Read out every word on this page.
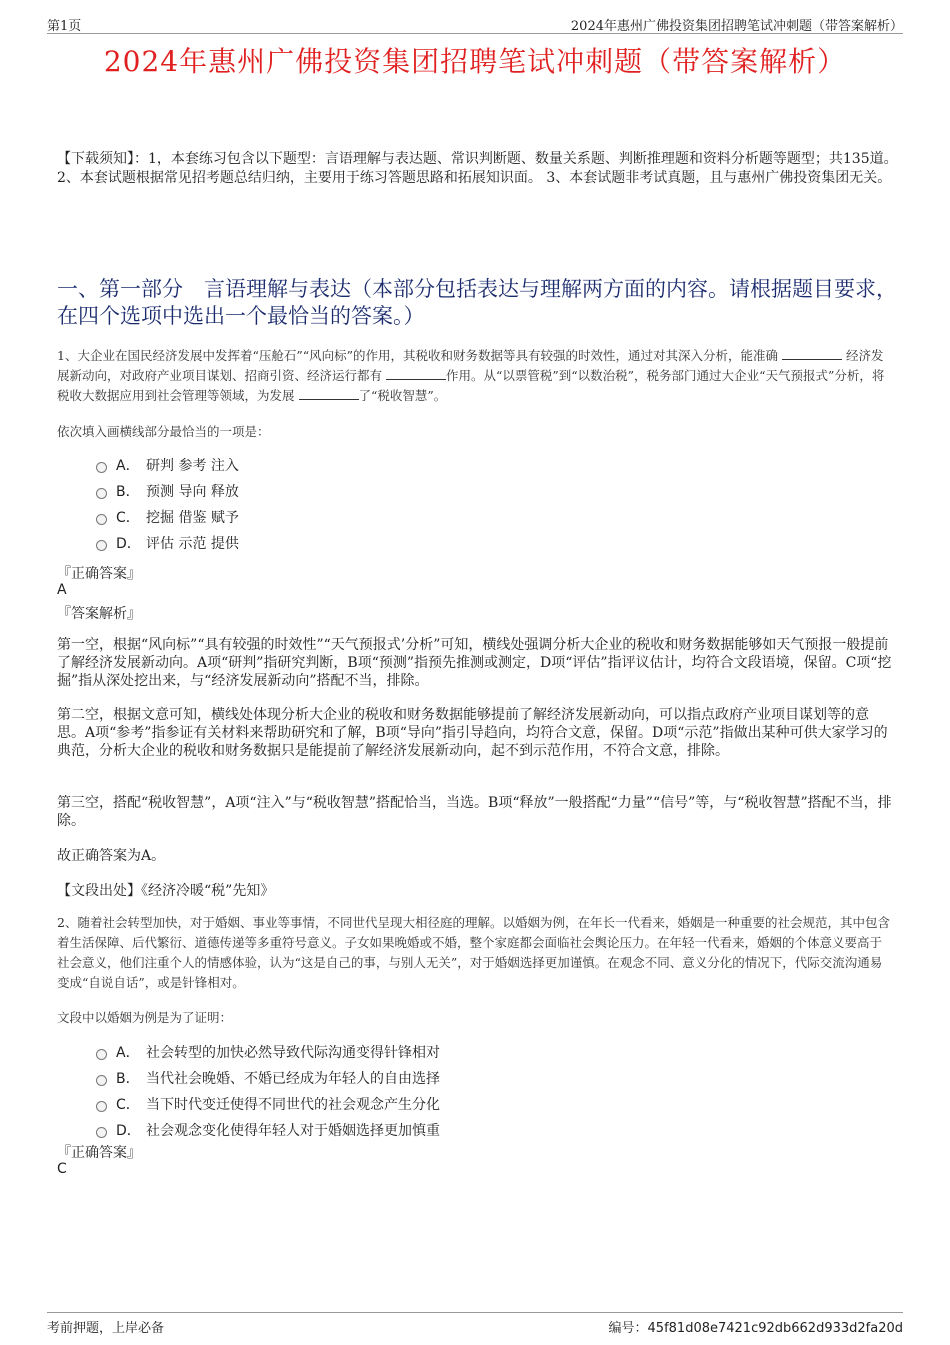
第1页	2024年惠州广佛投资集团招聘笔试冲刺题（带答案解析）
2024年惠州广佛投资集团招聘笔试冲刺题（带答案解析）

【下载须知】：1，本套练习包含以下题型：言语理解与表达题、常识判断题、数量关系题、判断推理题和资料分析题等题型；共135道。 2、本套试题根据常见招考题总结归纳，主要用于练习答题思路和拓展知识面。 3、本套试题非考试真题，且与惠州广佛投资集团无关。

一、第一部分　言语理解与表达（本部分包括表达与理解两方面的内容。请根据题目要求，在四个选项中选出一个最恰当的答案。）

1、大企业在国民经济发展中发挥着“压舱石”“风向标”的作用，其税收和财务数据等具有较强的时效性，通过对其深入分析，能准确	经济发展新动向，对政府产业项目谋划、招商引资、经济运行都有	作用。从“以票管税”到“以数治税”，税务部门通过大企业“天气预报式”分析，将税收大数据应用到社会管理等领域，为发展	了“税收智慧”。

依次填入画横线部分最恰当的一项是：

A． 研判 参考 注入
B． 预测 导向 释放
C． 挖掘 借鉴 赋予
D． 评估 示范 提供
『正确答案』
A
『答案解析』

第一空，根据“风向标”“具有较强的时效性”“天气预报式’分析”可知，横线处强调分析大企业的税收和财务数据能够如天气预报一般提前了解经济发展新动向。A项“研判”指研究判断，B项“预测”指预先推测或测定，D项“评估”指评议估计，均符合文段语境，保留。C项“挖掘”指从深处挖出来，与“经济发展新动向”搭配不当，排除。

第二空，根据文意可知，横线处体现分析大企业的税收和财务数据能够提前了解经济发展新动向，可以指点政府产业项目谋划等的意思。A项“参考”指参证有关材料来帮助研究和了解，B项“导向”指引导趋向，均符合文意，保留。D项“示范”指做出某种可供大家学习的典范，分析大企业的税收和财务数据只是能提前了解经济发展新动向，起不到示范作用，不符合文意，排除。

第三空，搭配“税收智慧”，A项“注入”与“税收智慧”搭配恰当，当选。B项“释放”一般搭配“力量”“信号”等，与“税收智慧”搭配不当，排除。

故正确答案为A。

【文段出处】《经济冷暖“税”先知》

2、随着社会转型加快，对于婚姻、事业等事情，不同世代呈现大相径庭的理解。以婚姻为例，在年长一代看来，婚姻是一种重要的社会规范，其中包含着生活保障、后代繁衍、道德传递等多重符号意义。子女如果晚婚或不婚，整个家庭都会面临社会舆论压力。在年轻一代看来，婚姻的个体意义要高于社会意义，他们注重个人的情感体验，认为“这是自己的事，与别人无关”，对于婚姻选择更加谨慎。在观念不同、意义分化的情况下，代际交流沟通易变成“自说自话”，或是针锋相对。

文段中以婚姻为例是为了证明：

A． 社会转型的加快必然导致代际沟通变得针锋相对
B． 当代社会晚婚、不婚已经成为年轻人的自由选择
C． 当下时代变迁使得不同世代的社会观念产生分化
D． 社会观念变化使得年轻人对于婚姻选择更加慎重
『正确答案』
C
考前押题，上岸必备	编号：45f81d08e7421c92db662d933d2fa20d
